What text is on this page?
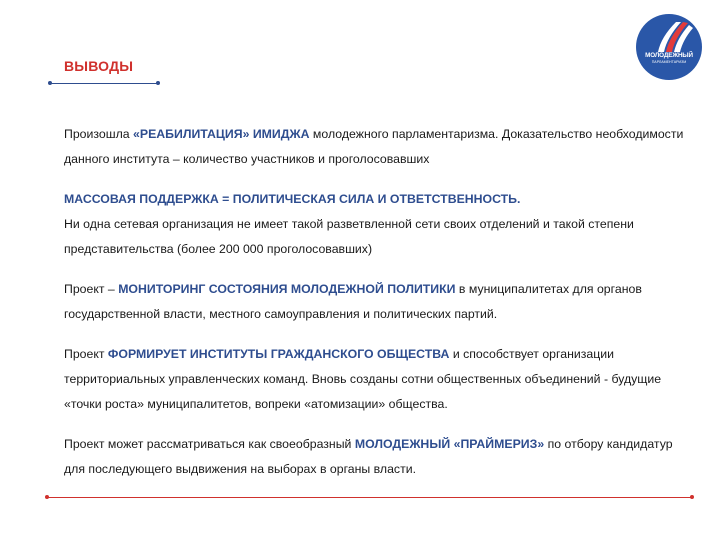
ВЫВОДЫ
МОЛОДЕЖНЫЙ
ПАРЛАМЕНТАРИЗМ

Произошла «РЕАБИЛИТАЦИЯ» ИМИДЖА молодежного парламентаризма. Доказательство необходимости данного института – количество участников и проголосовавших

МАССОВАЯ ПОДДЕРЖКА = ПОЛИТИЧЕСКАЯ СИЛА И ОТВЕТСТВЕННОСТЬ.
Ни одна сетевая организация не имеет такой разветвленной сети своих отделений и такой степени представительства (более 200 000 проголосовавших)

Проект – МОНИТОРИНГ СОСТОЯНИЯ МОЛОДЕЖНОЙ ПОЛИТИКИ в муниципалитетах для органов государственной власти, местного самоуправления и политических партий.

Проект ФОРМИРУЕТ ИНСТИТУТЫ ГРАЖДАНСКОГО ОБЩЕСТВА и способствует организации территориальных управленческих команд. Вновь созданы сотни общественных объединений - будущие «точки роста» муниципалитетов, вопреки «атомизации» общества.

Проект может рассматриваться как своеобразный МОЛОДЕЖНЫЙ «ПРАЙМЕРИЗ» по отбору кандидатур для последующего выдвижения на выборах в органы власти.
